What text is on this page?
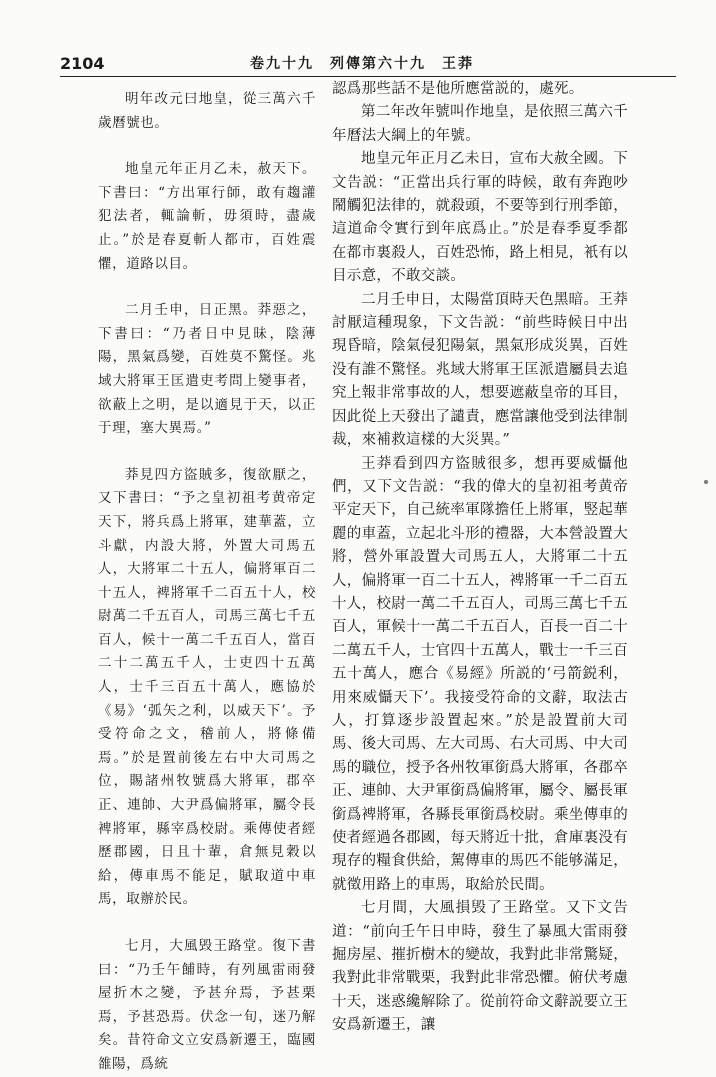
2104	卷九十九　列傳第六十九　王莽

明年改元曰地皇，從三萬六千歲曆號也。

地皇元年正月乙未，赦天下。下書曰：“方出軍行師，敢有趨讙犯法者，輒論斬，毋須時，盡歲止。”於是春夏斬人都市，百姓震懼，道路以目。

二月壬申，日正黑。莽惡之，下書曰：“乃者日中見昧，陰薄陽，黑氣爲變，百姓莫不驚怪。兆域大將軍王匡遣吏考問上變事者，欲蔽上之明，是以適見于天，以正于理，塞大異焉。”

莽見四方盜賊多，復欲厭之，又下書曰：“予之皇初祖考黄帝定天下，將兵爲上將軍，建華蓋，立斗獻，内設大將，外置大司馬五人，大將軍二十五人，偏將軍百二十五人，裨將軍千二百五十人，校尉萬二千五百人，司馬三萬七千五百人，候十一萬二千五百人，當百二十二萬五千人，士吏四十五萬人，士千三百五十萬人，應協於《易》‘弧矢之利，以威天下’。予受符命之文，稽前人，將條備焉。”於是置前後左右中大司馬之位，賜諸州牧號爲大將軍，郡卒正、連帥、大尹爲偏將軍，屬令長裨將軍，縣宰爲校尉。乘傳使者經歷郡國，日且十輩，倉無見穀以給，傳車馬不能足，賦取道中車馬，取辦於民。

七月，大風毁王路堂。復下書曰：“乃壬午餔時，有列風雷雨發屋折木之變，予甚弁焉，予甚栗焉，予甚恐焉。伏念一旬，迷乃解矣。昔符命文立安爲新遷王，臨國雒陽，爲統

認爲那些話不是他所應當説的，處死。

第二年改年號叫作地皇，是依照三萬六千年曆法大綱上的年號。

地皇元年正月乙未日，宣布大赦全國。下文告説：“正當出兵行軍的時候，敢有奔跑吵鬧觸犯法律的，就殺頭，不要等到行刑季節，這道命令實行到年底爲止。”於是春季夏季都在都市裏殺人，百姓恐怖，路上相見，衹有以目示意，不敢交談。

二月壬申日，太陽當頂時天色黑暗。王莽討厭這種現象，下文告説：“前些時候日中出現昏暗，陰氣侵犯陽氣，黑氣形成災異，百姓没有誰不驚怪。兆域大將軍王匡派遣屬員去追究上報非常事故的人，想要遮蔽皇帝的耳目，因此從上天發出了譴責，應當讓他受到法律制裁，來補救這樣的大災異。”

王莽看到四方盜賊很多，想再要威懾他們，又下文告説：“我的偉大的皇初祖考黄帝平定天下，自己統率軍隊擔任上將軍，竪起華麗的車蓋，立起北斗形的禮器，大本營設置大將，營外軍設置大司馬五人，大將軍二十五人，偏將軍一百二十五人，裨將軍一千二百五十人，校尉一萬二千五百人，司馬三萬七千五百人，軍候十一萬二千五百人，百長一百二十二萬五千人，士官四十五萬人，戰士一千三百五十萬人，應合《易經》所説的‘弓箭鋭利，用來威懾天下’。我接受符命的文辭，取法古人，打算逐步設置起來。”於是設置前大司馬、後大司馬、左大司馬、右大司馬、中大司馬的職位，授予各州牧軍銜爲大將軍，各郡卒正、連帥、大尹軍銜爲偏將軍，屬令、屬長軍銜爲裨將軍，各縣長軍銜爲校尉。乘坐傳車的使者經過各郡國，每天將近十批，倉庫裏没有現存的糧食供給，駕傳車的馬匹不能够滿足，就徵用路上的車馬，取給於民間。

七月間，大風損毁了王路堂。又下文告道：“前向壬午日申時，發生了暴風大雷雨發掘房屋、摧折樹木的變故，我對此非常驚疑，我對此非常戰栗，我對此非常恐懼。俯伏考慮十天，迷惑纔解除了。從前符命文辭説要立王安爲新遷王，讓
